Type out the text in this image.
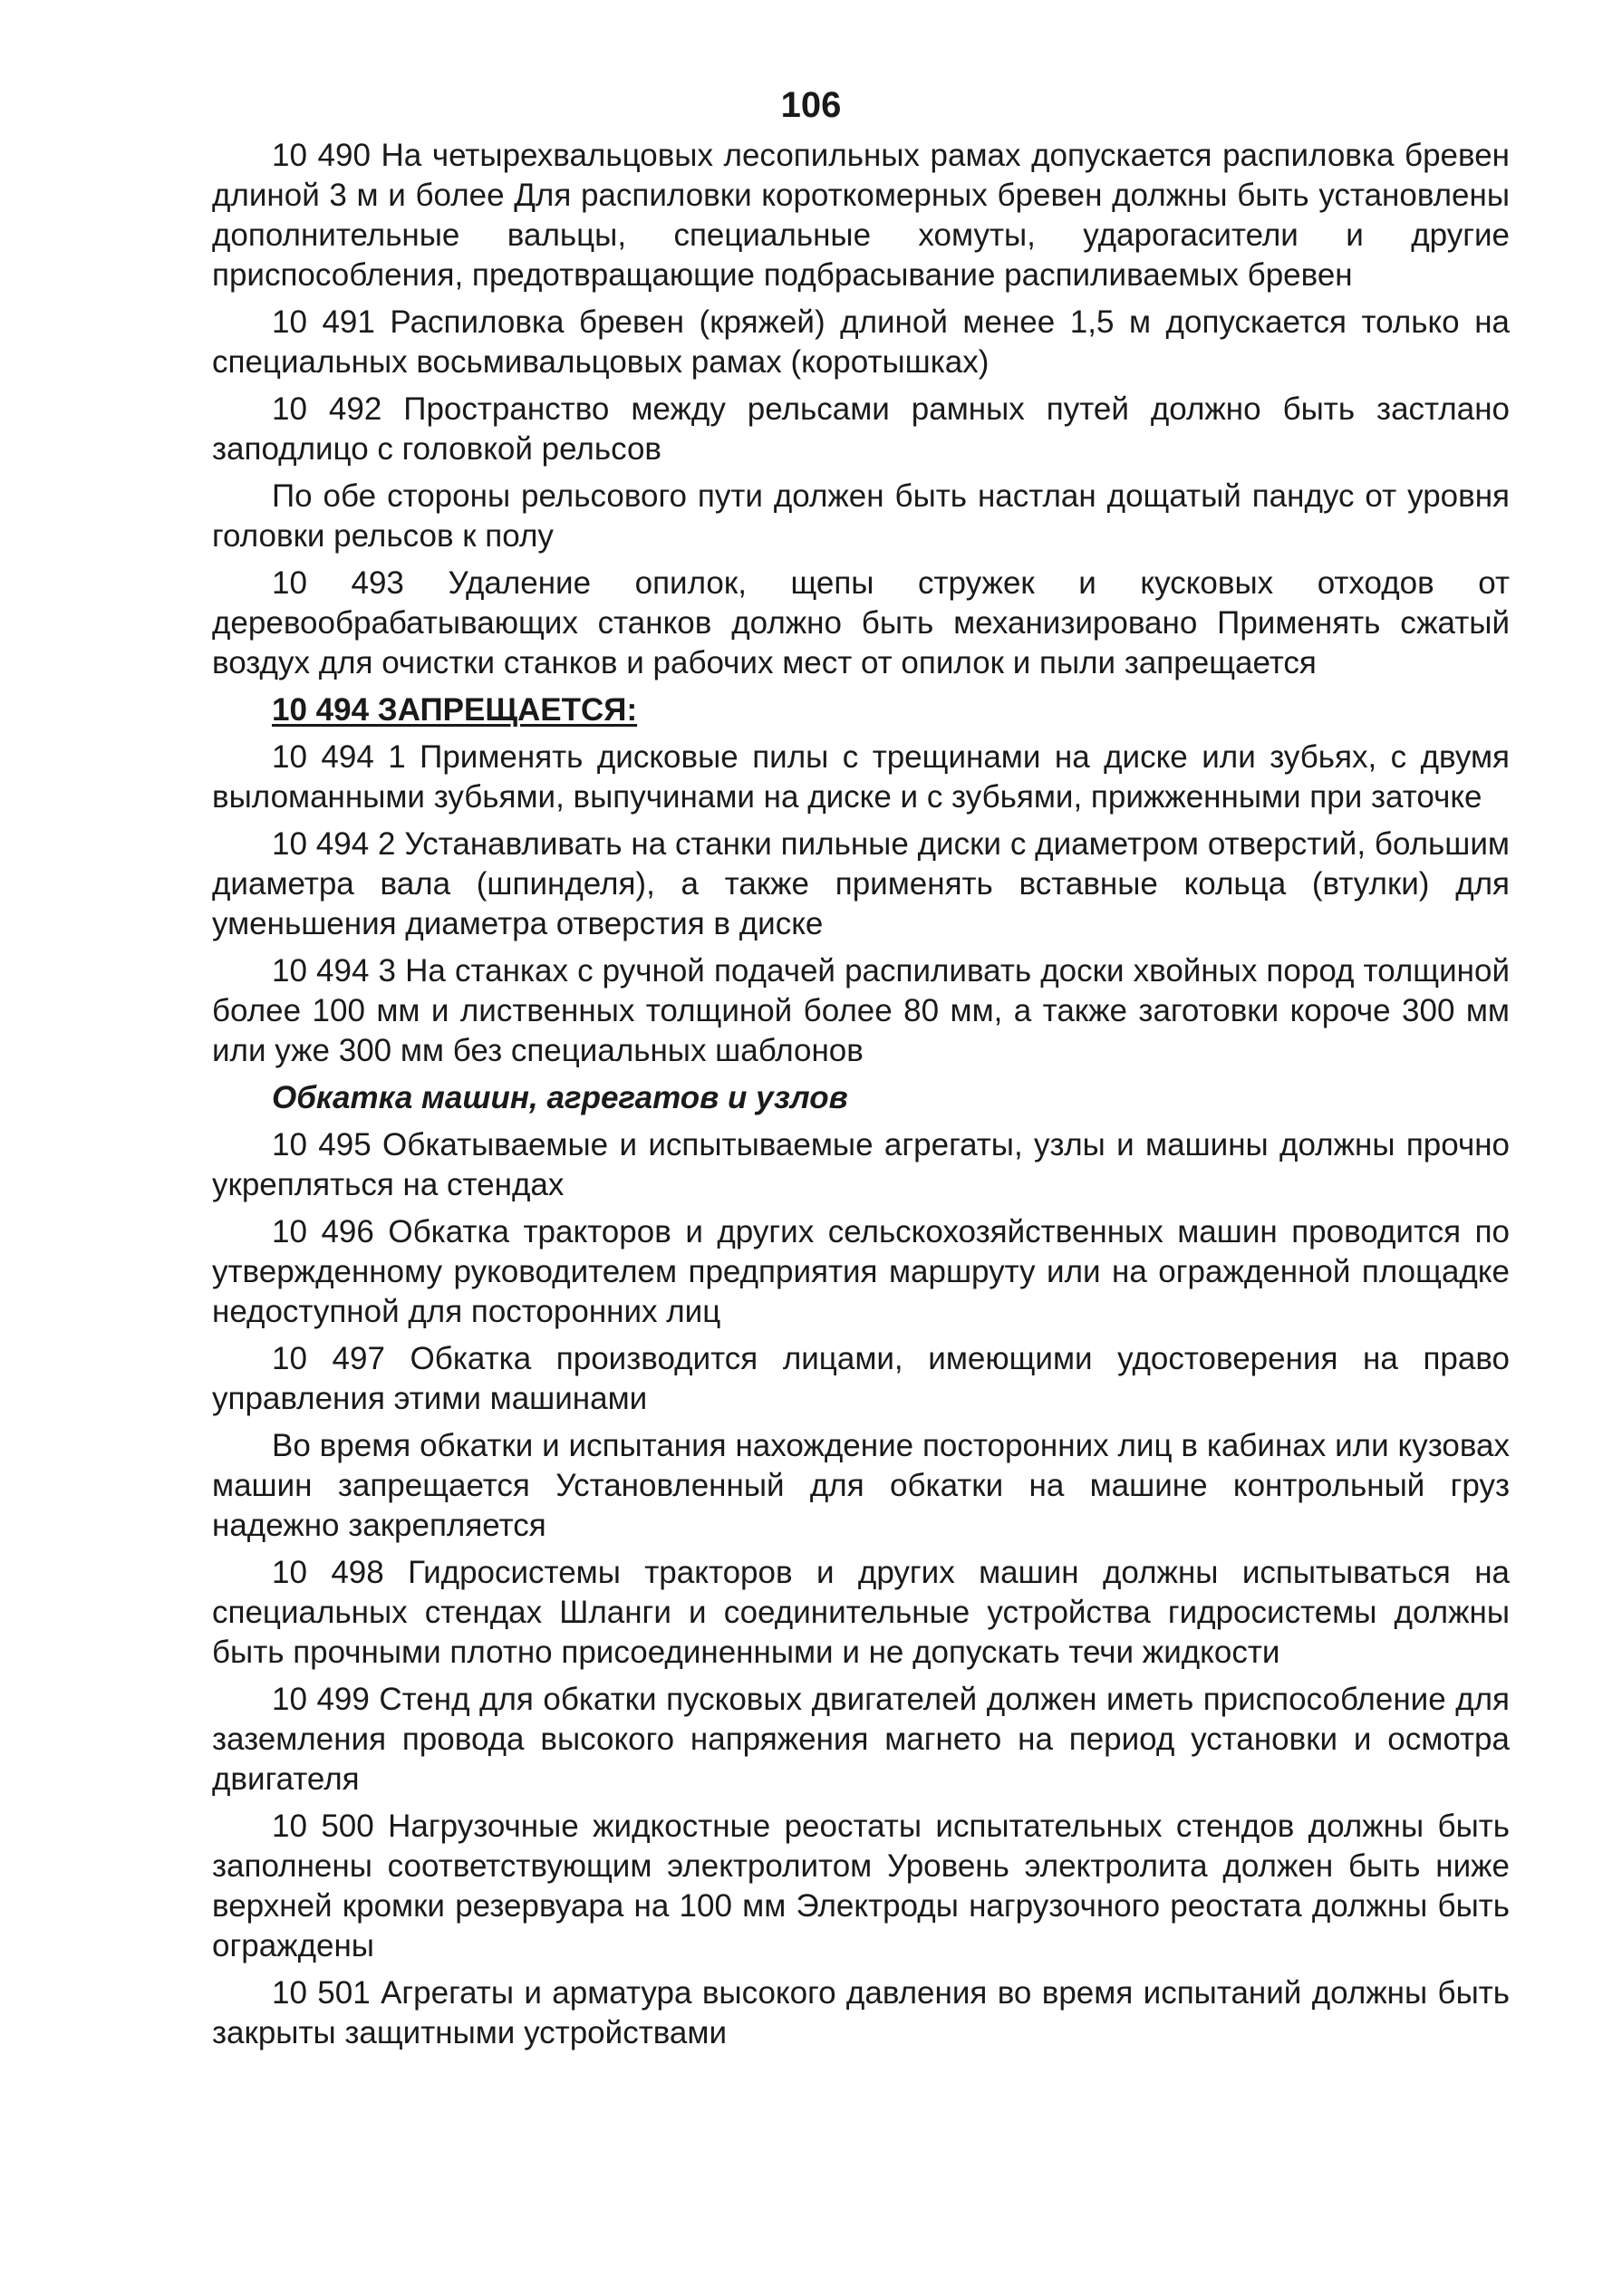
106

10 490 На четырехвальцовых лесопильных рамах допускается распиловка бревен длиной 3 м и более Для распиловки короткомерных бревен должны быть установлены дополнительные вальцы, специальные хомуты, ударогасители и другие приспособления, предотвращающие подбрасывание распиливаемых бревен

10 491 Распиловка бревен (кряжей) длиной менее 1,5 м допускается только на специальных восьмивальцовых рамах (коротышках)

10 492 Пространство между рельсами рамных путей должно быть застлано заподлицо с головкой рельсов

По обе стороны рельсового пути должен быть настлан дощатый пандус от уровня головки рельсов к полу

10 493 Удаление опилок, щепы стружек и кусковых отходов от деревообрабатывающих станков должно быть механизировано Применять сжатый воздух для очистки станков и рабочих мест от опилок и пыли запрещается

10 494 ЗАПРЕЩАЕТСЯ:

10 494 1 Применять дисковые пилы с трещинами на диске или зубьях, с двумя выломанными зубьями, выпучинами на диске и с зубьями, прижженными при заточке

10 494 2 Устанавливать на станки пильные диски с диаметром отверстий, большим диаметра вала (шпинделя), а также применять вставные кольца (втулки) для уменьшения диаметра отверстия в диске

10 494 3 На станках с ручной подачей распиливать доски хвойных пород толщиной более 100 мм и лиственных толщиной более 80 мм, а также заготовки короче 300 мм или уже 300 мм без специальных шаблонов

Обкатка машин, агрегатов и узлов

10 495 Обкатываемые и испытываемые агрегаты, узлы и машины должны прочно укрепляться на стендах

10 496 Обкатка тракторов и других сельскохозяйственных машин проводится по утвержденному руководителем предприятия маршруту или на огражденной площадке недоступной для посторонних лиц

10 497 Обкатка производится лицами, имеющими удостоверения на право управления этими машинами

Во время обкатки и испытания нахождение посторонних лиц в кабинах или кузовах машин запрещается Установленный для обкатки на машине контрольный груз надежно закрепляется

10 498 Гидросистемы тракторов и других машин должны испытываться на специальных стендах Шланги и соединительные устройства гидросистемы должны быть прочными плотно присоединенными и не допускать течи жидкости

10 499 Стенд для обкатки пусковых двигателей должен иметь приспособление для заземления провода высокого напряжения магнето на период установки и осмотра двигателя

10 500 Нагрузочные жидкостные реостаты испытательных стендов должны быть заполнены соответствующим электролитом Уровень электролита должен быть ниже верхней кромки резервуара на 100 мм Электроды нагрузочного реостата должны быть ограждены

10 501 Агрегаты и арматура высокого давления во время испытаний должны быть закрыты защитными устройствами
